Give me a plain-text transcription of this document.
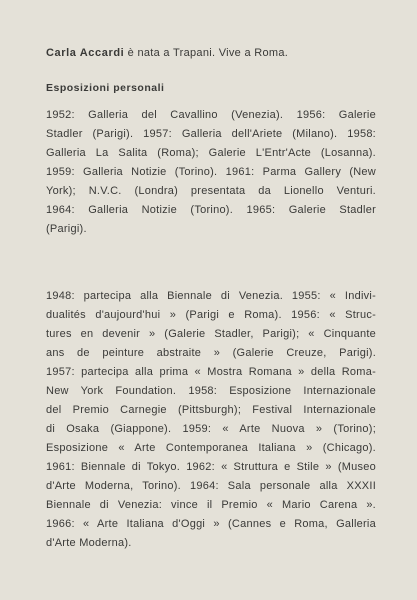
Carla Accardi è nata a Trapani. Vive a Roma.
Esposizioni personali
1952: Galleria del Cavallino (Venezia). 1956: Galerie
Stadler (Parigi). 1957: Galleria dell'Ariete (Milano). 1958:
Galleria La Salita (Roma); Galerie L'Entr'Acte (Losanna).
1959: Galleria Notizie (Torino). 1961: Parma Gallery (New
York); N.V.C. (Londra) presentata da Lionello Venturi.
1964: Galleria Notizie (Torino). 1965: Galerie Stadler
(Parigi).
1948: partecipa alla Biennale di Venezia. 1955: « Indivi-
dualités d'aujourd'hui » (Parigi e Roma). 1956: « Struc-
tures en devenir » (Galerie Stadler, Parigi); « Cinquante
ans de peinture abstraite » (Galerie Creuze, Parigi).
1957: partecipa alla prima « Mostra Romana » della Roma-
New York Foundation. 1958: Esposizione Internazionale
del Premio Carnegie (Pittsburgh); Festival Internazionale
di Osaka (Giappone). 1959: « Arte Nuova » (Torino);
Esposizione « Arte Contemporanea Italiana » (Chicago).
1961: Biennale di Tokyo. 1962: « Struttura e Stile » (Museo
d'Arte Moderna, Torino). 1964: Sala personale alla XXXII
Biennale di Venezia: vince il Premio « Mario Carena ».
1966: « Arte Italiana d'Oggi » (Cannes e Roma, Galleria
d'Arte Moderna).
